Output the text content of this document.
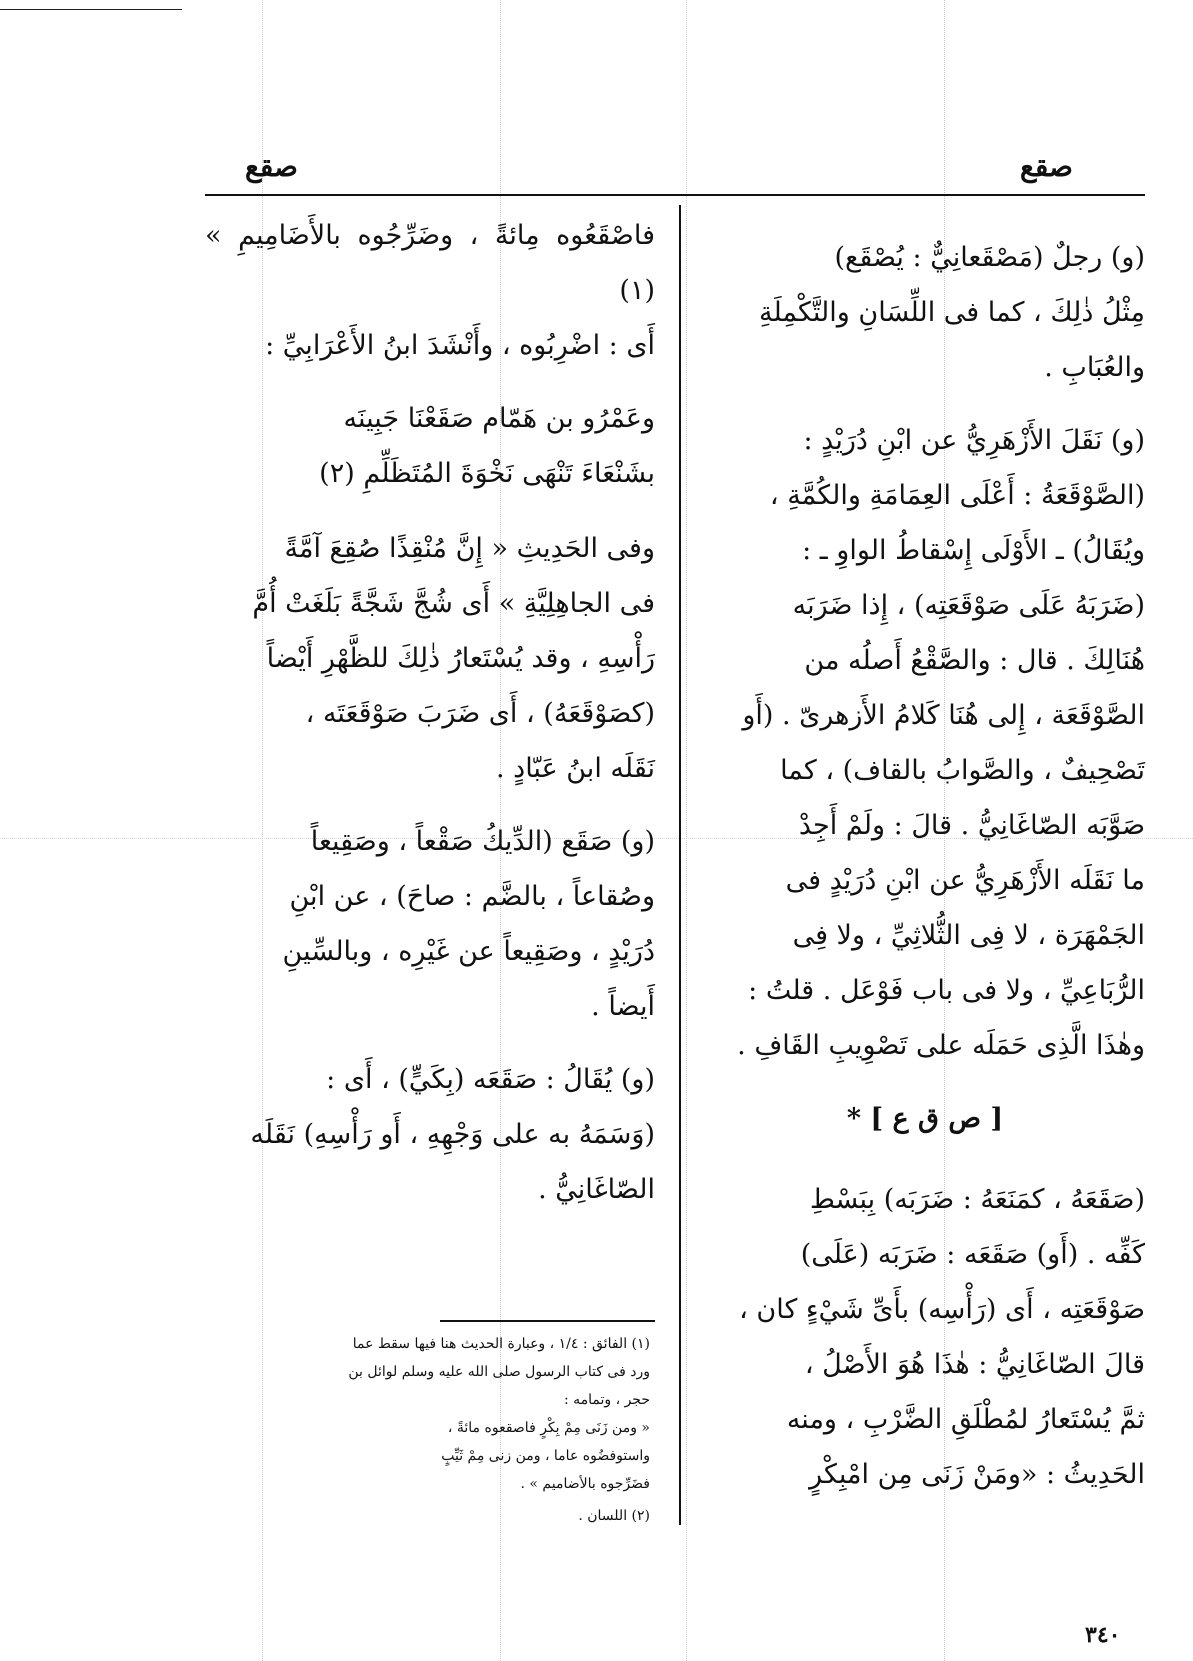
صقع	صقع

(و) رجلٌ (مَصْقَعانِيٌّ : يُصْقَع)
مِثْلُ ذٰلِكَ ، كما فى اللِّسَانِ والتَّكْمِلَةِ
والعُبَابِ .

(و) نَقَلَ الأَزْهَرِيُّ عن ابْنِ دُرَيْدٍ :
(الصَّوْقَعَةُ : أَعْلَى العِمَامَةِ والكُمَّةِ ،
ويُقَالُ) ـ الأَوْلَى إِسْقاطُ الواوِ ـ :
(ضَرَبَهُ عَلَى صَوْقَعَتِه) ، إِذا ضَرَبَه
هُنَالِكَ . قال : والصَّقْعُ أَصلُه من
الصَّوْقَعَة ، إِلى هُنَا كَلامُ الأَزهرىّ . (أَو
تَصْحِيفٌ ، والصَّوابُ بالقاف) ، كما
صَوَّبَه الصّاغَانِيُّ . قالَ : ولَمْ أَجِدْ
ما نَقَلَه الأَزْهَرِيُّ عن ابْنِ دُرَيْدٍ فى
الجَمْهَرَة ، لا فِى الثُّلاثِيِّ ، ولا فِى
الرُّبَاعِيِّ ، ولا فى باب فَوْعَل . قلتُ :
وهٰذَا الَّذِى حَمَلَه على تَصْوِيبِ القَافِ .

[ ص ق ع ] *

(صَقَعَهُ ، كمَنَعَهُ : ضَرَبَه) بِبَسْطِ
كَفِّه . (أَو) صَقَعَه : ضَرَبَه (عَلَى)
صَوْقَعَتِه ، أَى (رَأْسِه) بأَىِّ شَيْءٍ كان ،
قالَ الصّاغَانِيُّ : هٰذَا هُوَ الأَصْلُ ،
ثمَّ يُسْتَعارُ لمُطْلَقِ الضَّرْبِ ، ومنه
الحَدِيثُ : «ومَنْ زَنَى مِن امْبِكْرٍ

فاصْقَعُوه مِائةً ، وضَرِّجُوه بالأَضَامِيمِ » (١)
أَى : اضْرِبُوه ، وأَنْشَدَ ابنُ الأَعْرَابِيِّ :

وعَمْرُو بن هَمّام صَقَعْنَا جَبِينَه
بشَنْعَاءَ تَنْهَى نَخْوَةَ المُتَظَلِّمِ (٢)

وفى الحَدِيثِ « إِنَّ مُنْقِذًا صُقِعَ آمَّةً
فى الجاهِلِيَّةِ » أَى شُجَّ شَجَّةً بَلَغَتْ أُمَّ
رَأْسِهِ ، وقد يُسْتَعارُ ذٰلِكَ للظَّهْرِ أَيْضاً
(كصَوْقَعَهُ) ، أَى ضَرَبَ صَوْقَعَتَه ،
نَقَلَه ابنُ عَبّادٍ .

(و) صَقَع (الدِّيكُ صَقْعاً ، وصَقِيعاً
وصُقاعاً ، بالضَّم : صاحَ) ، عن ابْنِ
دُرَيْدٍ ، وصَقِيعاً عن غَيْرِه ، وبالسِّينِ
أَيضاً .

(و) يُقَالُ : صَقَعَه (بِكَيٍّ) ، أَى :
(وَسَمَهُ به على وَجْهِهِ ، أَو رَأْسِهِ) نَقَلَه
الصّاغَانِيُّ .

(١) الفائق : ١/٤ ، وعبارة الحديث هنا فيها سقط عما
ورد فى كتاب الرسول صلى الله عليه وسلم لوائل بن
حجر ، وتمامه :
« ومن زَنَى مِمْ بِكْرٍ فاصقعوه مائةً ،
واستوفضُوه عاما ، ومن زنى مِمْ ثَيِّبٍ
فضَرِّجوه بالأضاميم » .

(٢) اللسان .

٣٤٠
